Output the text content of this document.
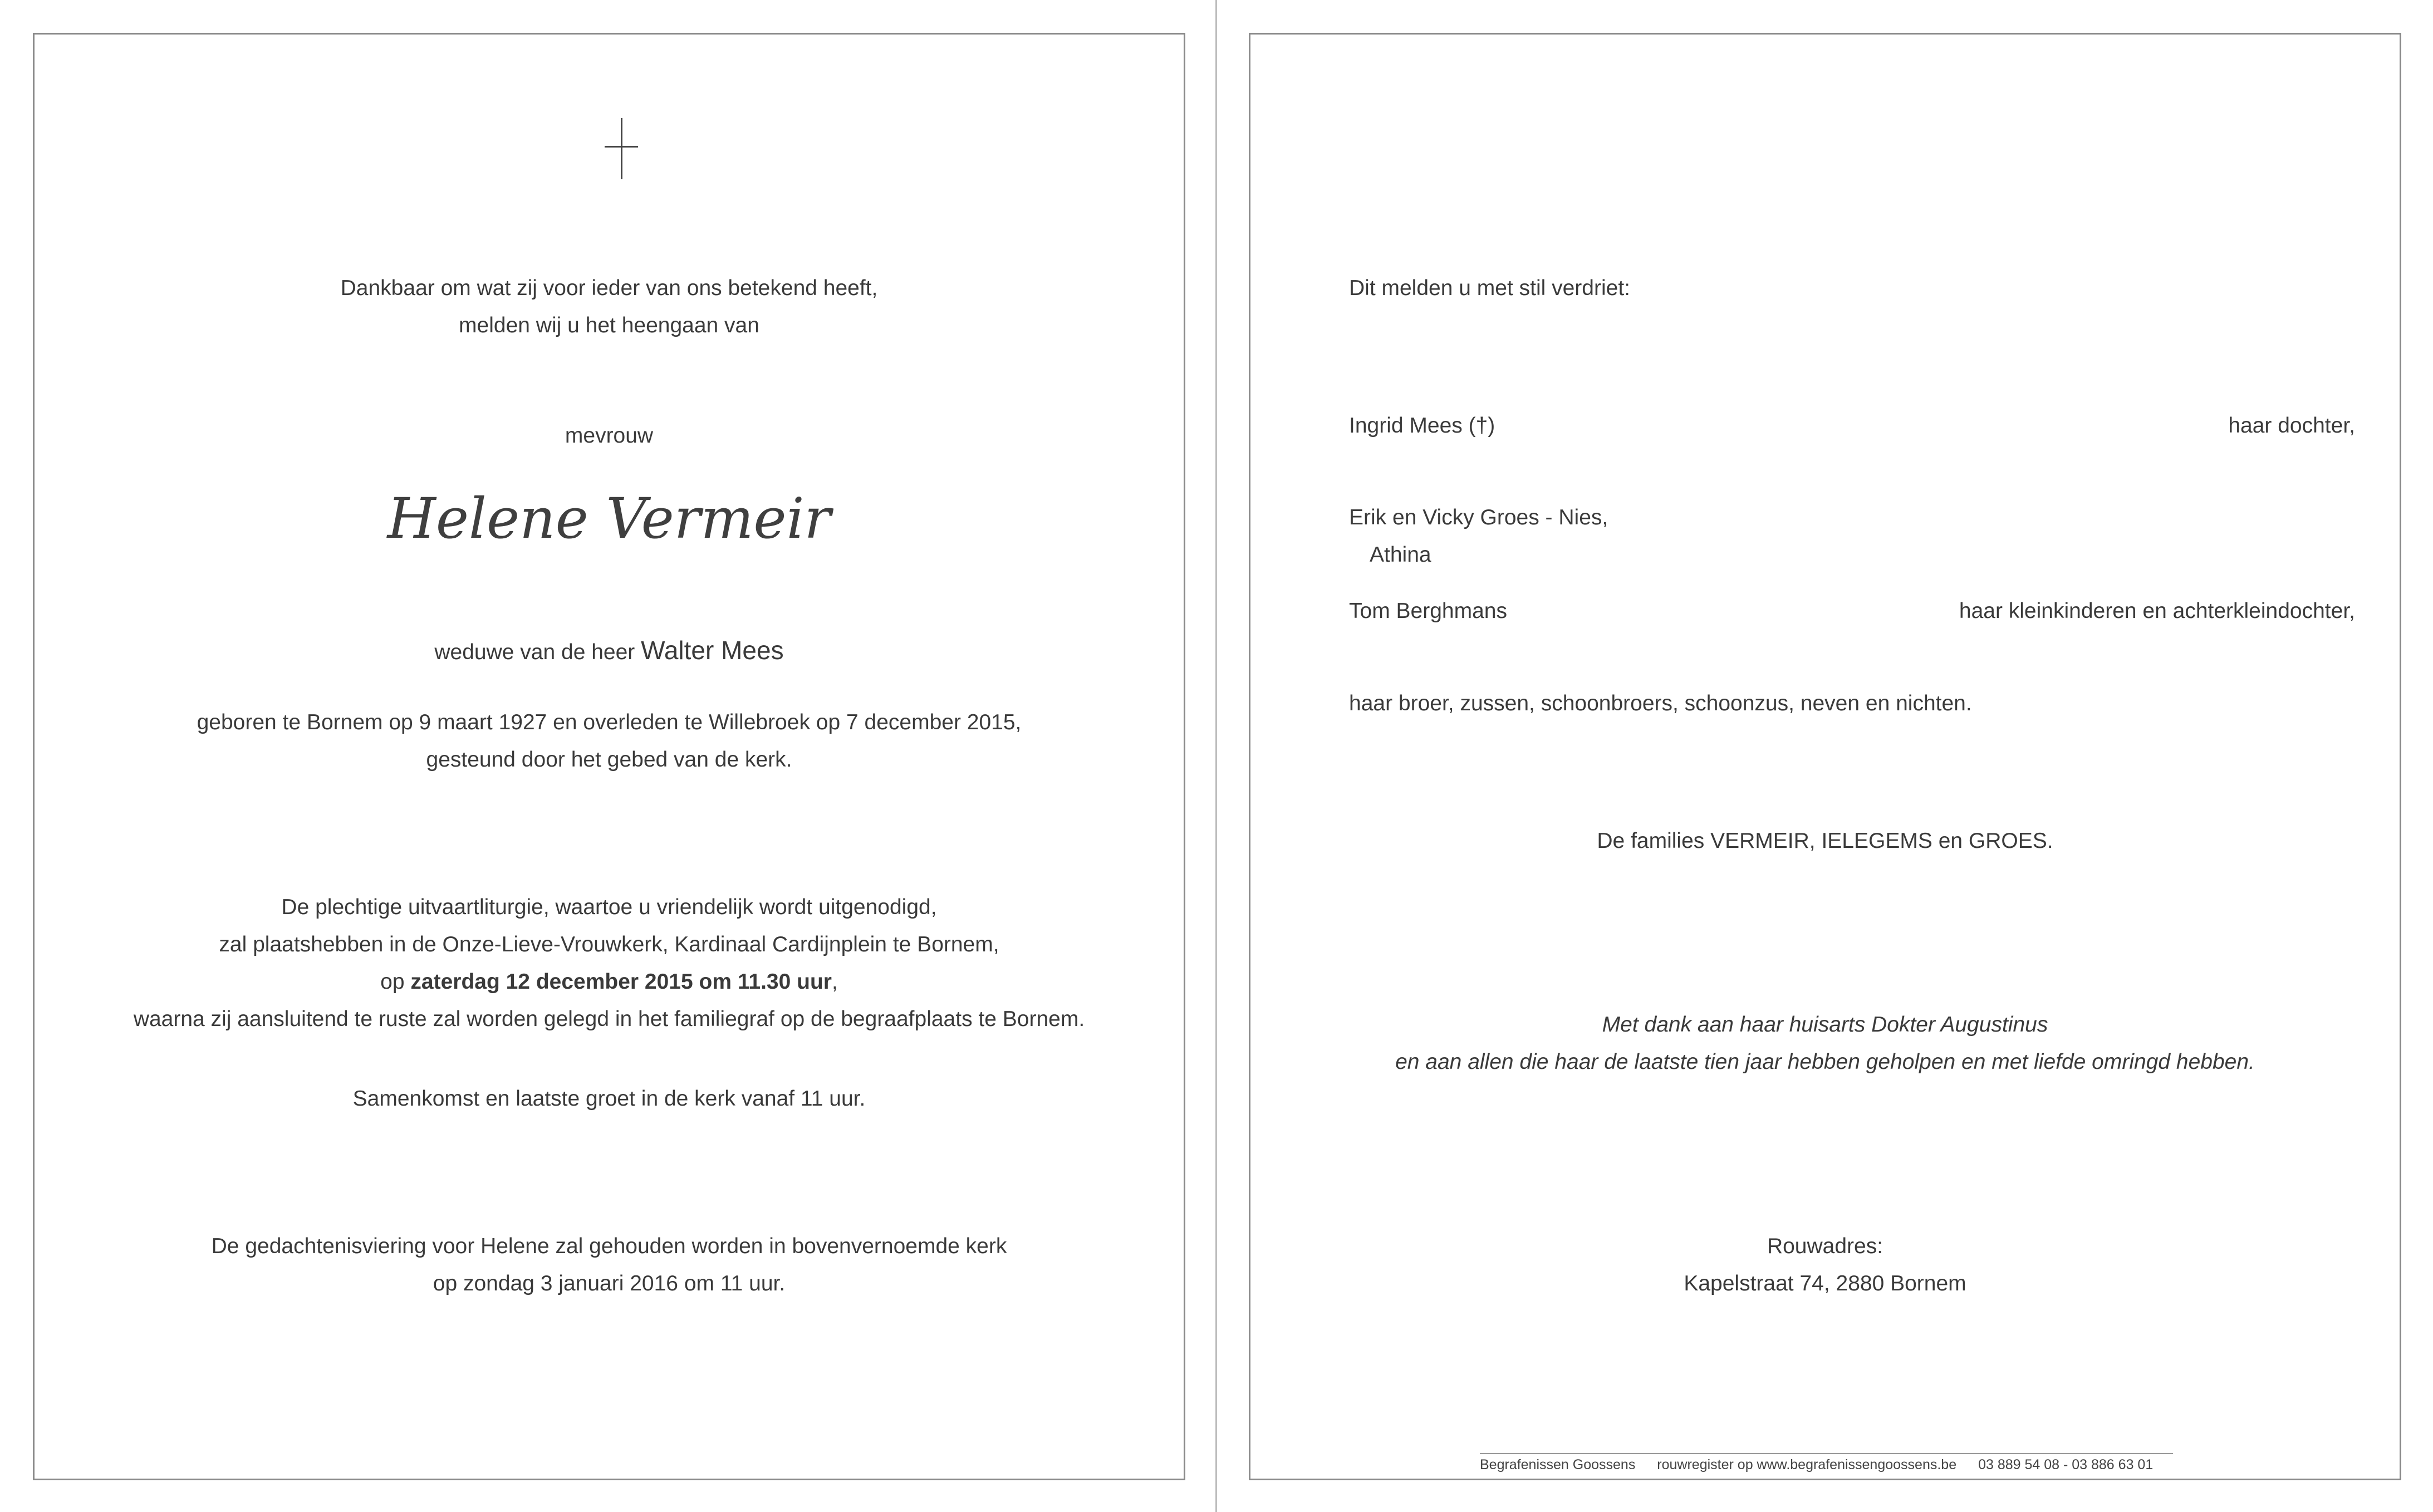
Dankbaar om wat zij voor ieder van ons betekend heeft,
melden wij u het heengaan van
mevrouw
Helene Vermeir
weduwe van de heer Walter Mees
geboren te Bornem op 9 maart 1927 en overleden te Willebroek op 7 december 2015,
gesteund door het gebed van de kerk.
De plechtige uitvaartliturgie, waartoe u vriendelijk wordt uitgenodigd,
zal plaatshebben in de Onze-Lieve-Vrouwkerk, Kardinaal Cardijnplein te Bornem,
op zaterdag 12 december 2015 om 11.30 uur,
waarna zij aansluitend te ruste zal worden gelegd in het familiegraf op de begraafplaats te Bornem.
Samenkomst en laatste groet in de kerk vanaf 11 uur.
De gedachtenisviering voor Helene zal gehouden worden in bovenvernoemde kerk
op zondag 3 januari 2016 om 11 uur.
Dit melden u met stil verdriet:
Ingrid Mees (†)	haar dochter,
Erik en Vicky Groes - Nies,
Athina
Tom Berghmans	haar kleinkinderen en achterkleindochter,
haar broer, zussen, schoonbroers, schoonzus, neven en nichten.
De families VERMEIR, IELEGEMS en GROES.
Met dank aan haar huisarts Dokter Augustinus
en aan allen die haar de laatste tien jaar hebben geholpen en met liefde omringd hebben.
Rouwadres:
Kapelstraat 74, 2880 Bornem
Begrafenissen Goossens rouwregister op www.begrafenissengoossens.be 03 889 54 08 - 03 886 63 01
